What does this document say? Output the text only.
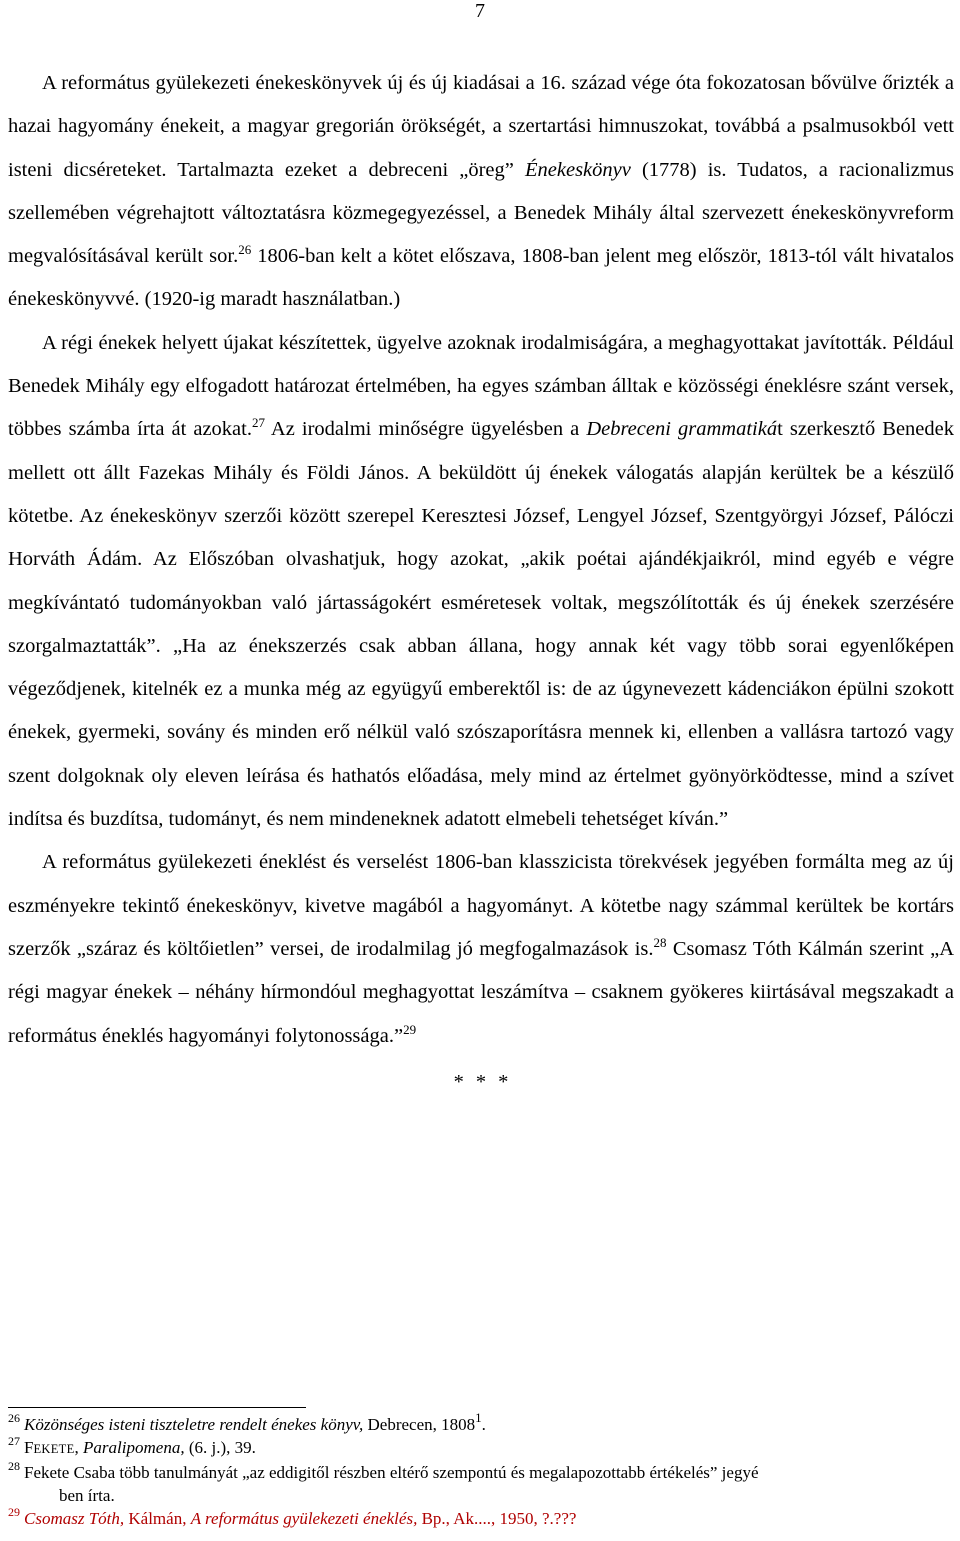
7

A református gyülekezeti énekeskönyvek új és új kiadásai a 16. század vége óta fokozatosan bővülve őrizték a hazai hagyomány énekeit, a magyar gregorián örökségét, a szertartási himnuszokat, továbbá a psalmusokból vett isteni dicséreteket. Tartalmazta ezeket a debreceni „öreg” Énekeskönyv (1778) is. Tudatos, a racionalizmus szellemében végrehajtott változtatásra közmegegyezéssel, a Benedek Mihály által szervezett énekeskönyvreform megvalósításával került sor.$^{26}$ 1806-ban kelt a kötet előszava, 1808-ban jelent meg először, 1813-tól vált hivatalos énekeskönyvvé. (1920-ig maradt használatban.)

A régi énekek helyett újakat készítettek, ügyelve azoknak irodalmiságára, a meghagyottakat javították. Például Benedek Mihály egy elfogadott határozat értelmében, ha egyes számban álltak e közösségi éneklésre szánt versek, többes számba írta át azokat.$^{27}$ Az irodalmi minőségre ügyelésben a Debreceni grammatikát szerkesztő Benedek mellett ott állt Fazekas Mihály és Földi János. A beküldött új énekek válogatás alapján kerültek be a készülő kötetbe. Az énekeskönyv szerzői között szerepel Keresztesi József, Lengyel József, Szentgyörgyi József, Pálóczi Horváth Ádám. Az Előszóban olvashatjuk, hogy azokat, „akik poétai ajándékjaikról, mind egyéb e végre megkívántató tudományokban való jártasságokért esméretesek voltak, megszólították és új énekek szerzésére szorgalmaztatták”. „Ha az énekszerzés csak abban állana, hogy annak két vagy több sorai egyenlőképen végeződjenek, kitelnék ez a munka még az együgyű emberektől is: de az úgynevezett kádenciákon épülni szokott énekek, gyermeki, sovány és minden erő nélkül való szószaporításra mennek ki, ellenben a vallásra tartozó vagy szent dolgoknak oly eleven leírása és hathatós előadása, mely mind az értelmet gyönyörködtesse, mind a szívet indítsa és buzdítsa, tudományt, és nem mindeneknek adatott elmebeli tehetséget kíván.”

A református gyülekezeti éneklést és verselést 1806-ban klasszicista törekvések jegyében formálta meg az új eszményekre tekintő énekeskönyv, kivetve magából a hagyományt. A kötetbe nagy számmal kerültek be kortárs szerzők „száraz és költőietlen” versei, de irodalmilag jó megfogalmazások is.$^{28}$ Csomasz Tóth Kálmán szerint „A régi magyar énekek – néhány hírmondóul meghagyottat leszámítva – csaknem gyökeres kiirtásával megszakadt a református éneklés hagyományi folytonossága.”$^{29}$

* * *

26 Közönséges isteni tiszteletre rendelt énekes könyv, Debrecen, 1808$^1$.

27 FEKETE, Paralipomena, (6. j.), 39.

28 Fekete Csaba több tanulmányát „az eddigitől részben eltérő szempontú és megalapozottabb értékelés” jegyé
ben írta.

29 Csomasz Tóth, Kálmán, A református gyülekezeti éneklés, Bp., Ak...., 1950, ?.???
